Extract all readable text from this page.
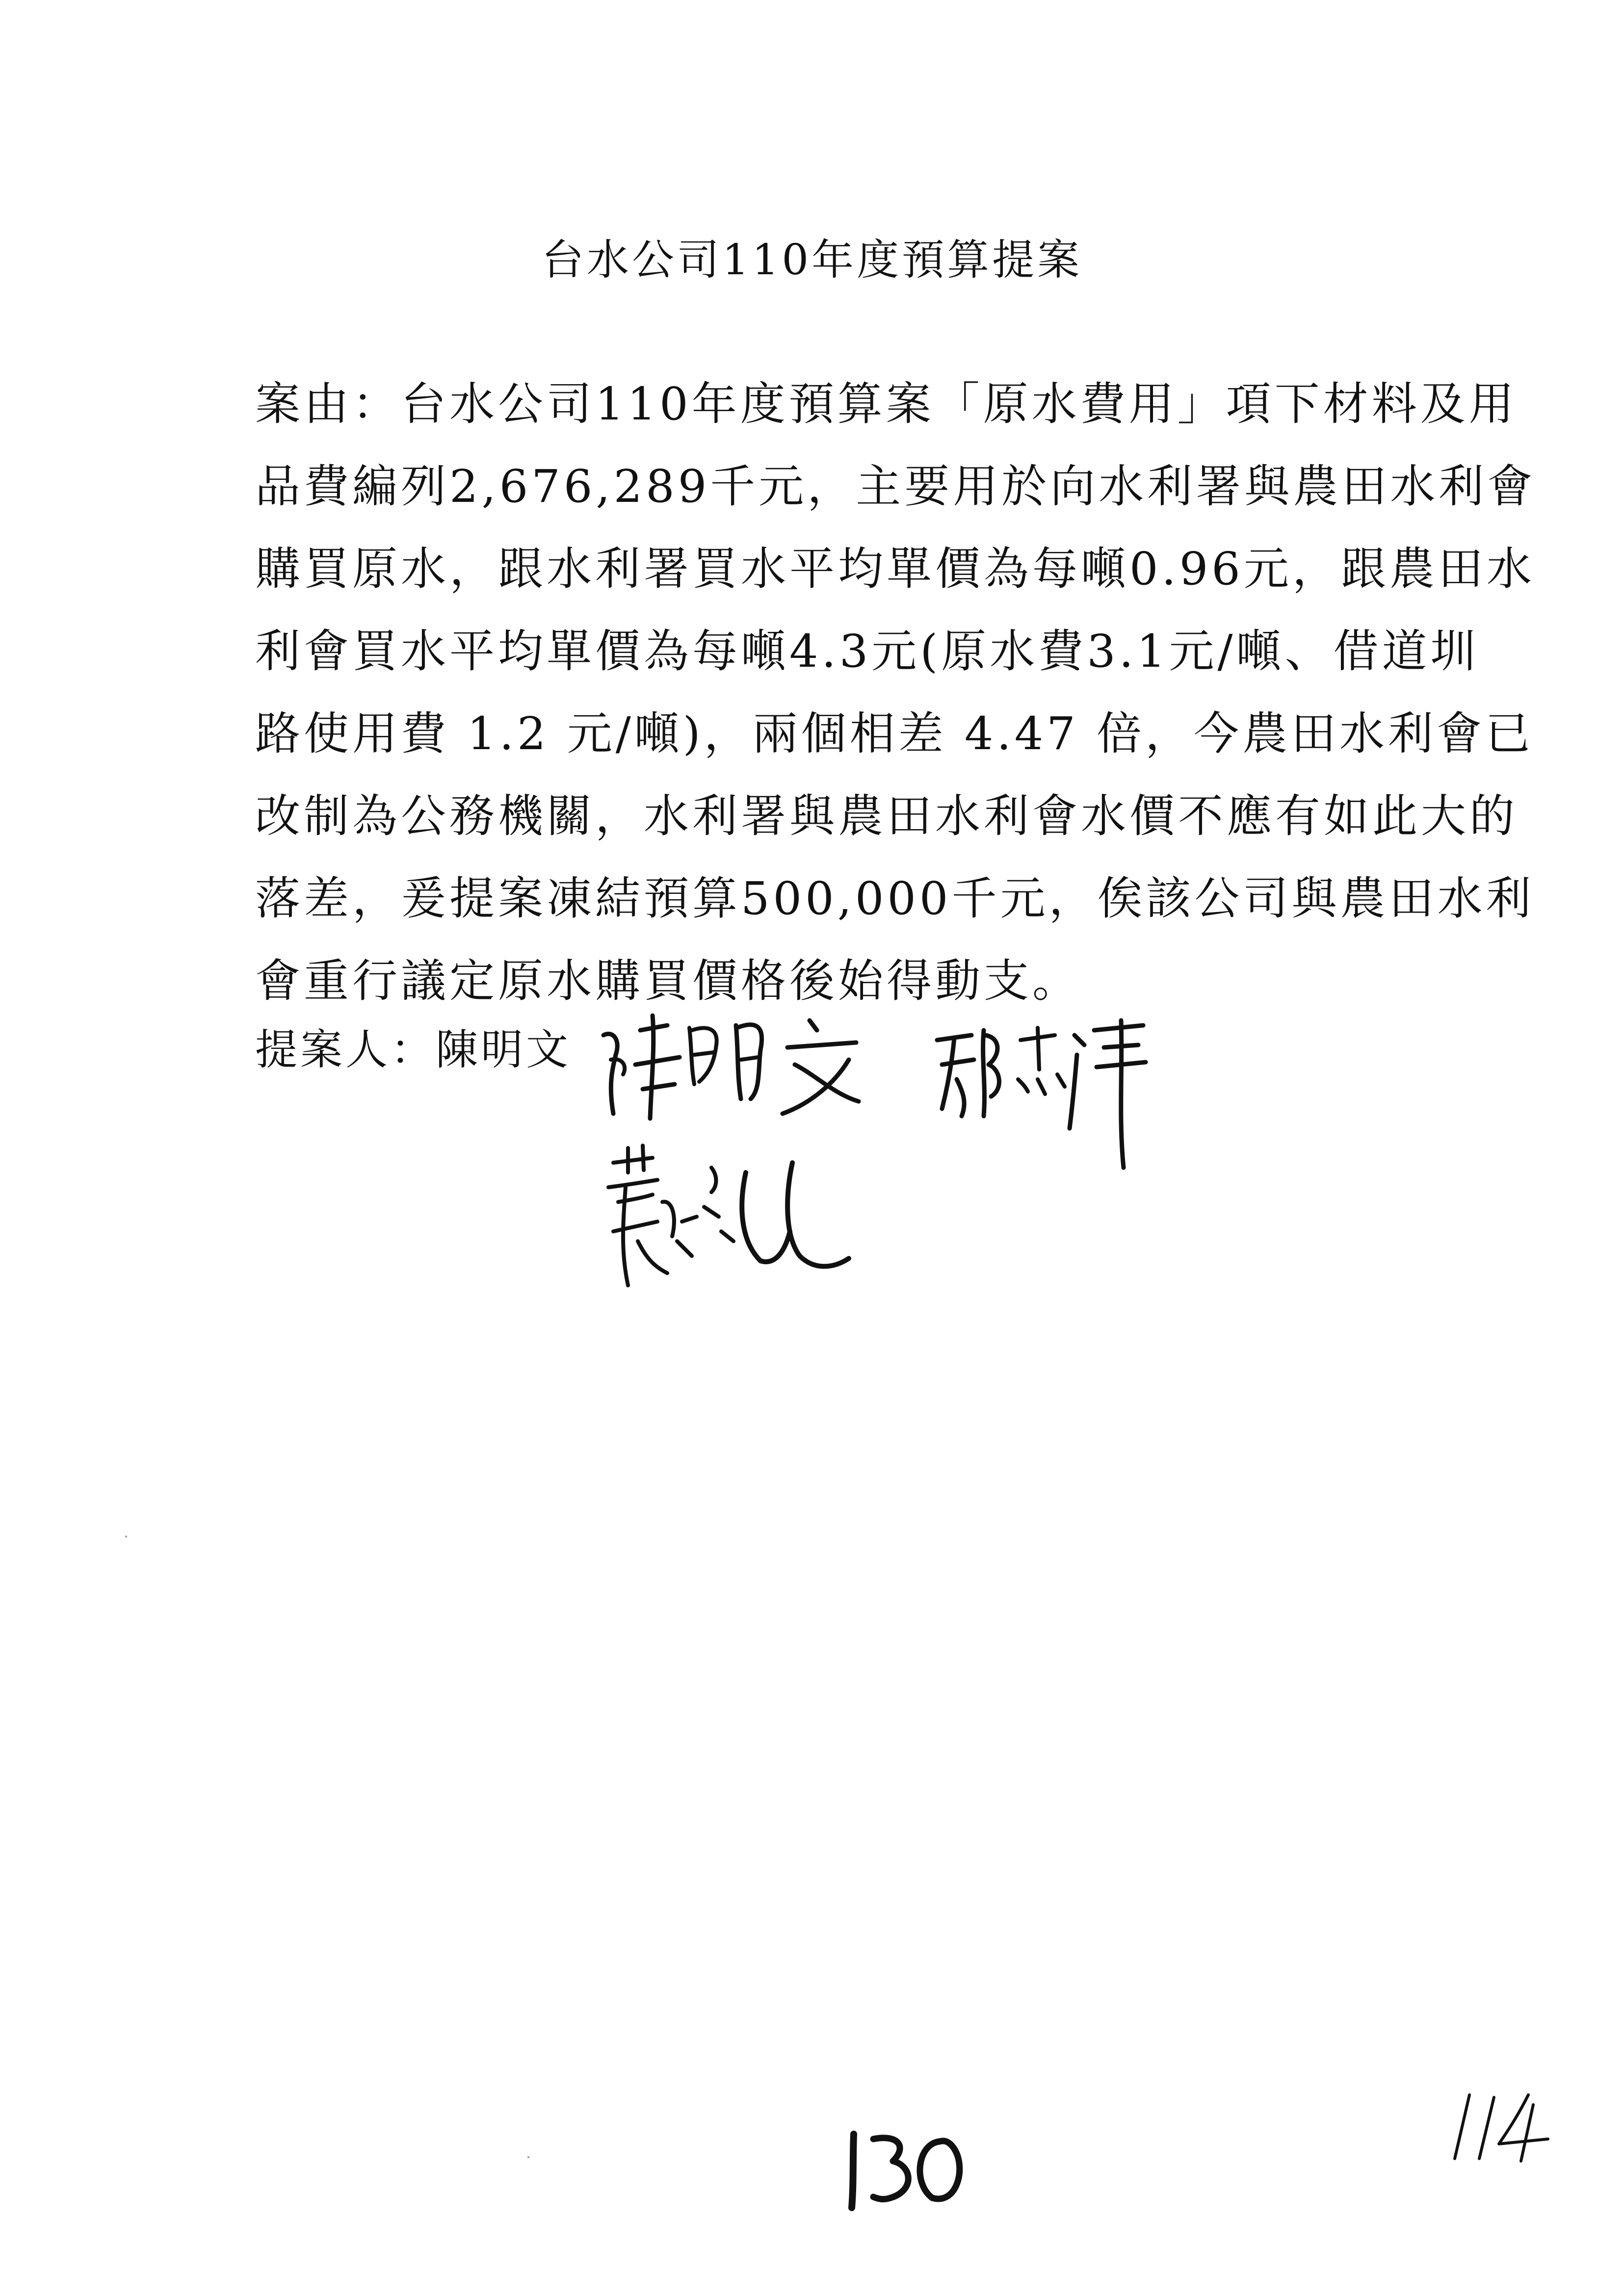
台水公司110年度預算提案
案由：台水公司110年度預算案「原水費用」項下材料及用
品費編列2,676,289千元，主要用於向水利署與農田水利會
購買原水，跟水利署買水平均單價為每噸0.96元，跟農田水
利會買水平均單價為每噸4.3元(原水費3.1元/噸、借道圳
路使用費 1.2 元/噸)，兩個相差 4.47 倍，今農田水利會已
改制為公務機關，水利署與農田水利會水價不應有如此大的
落差，爰提案凍結預算500,000千元，俟該公司與農田水利
會重行議定原水購買價格後始得動支。
提案人：陳明文
